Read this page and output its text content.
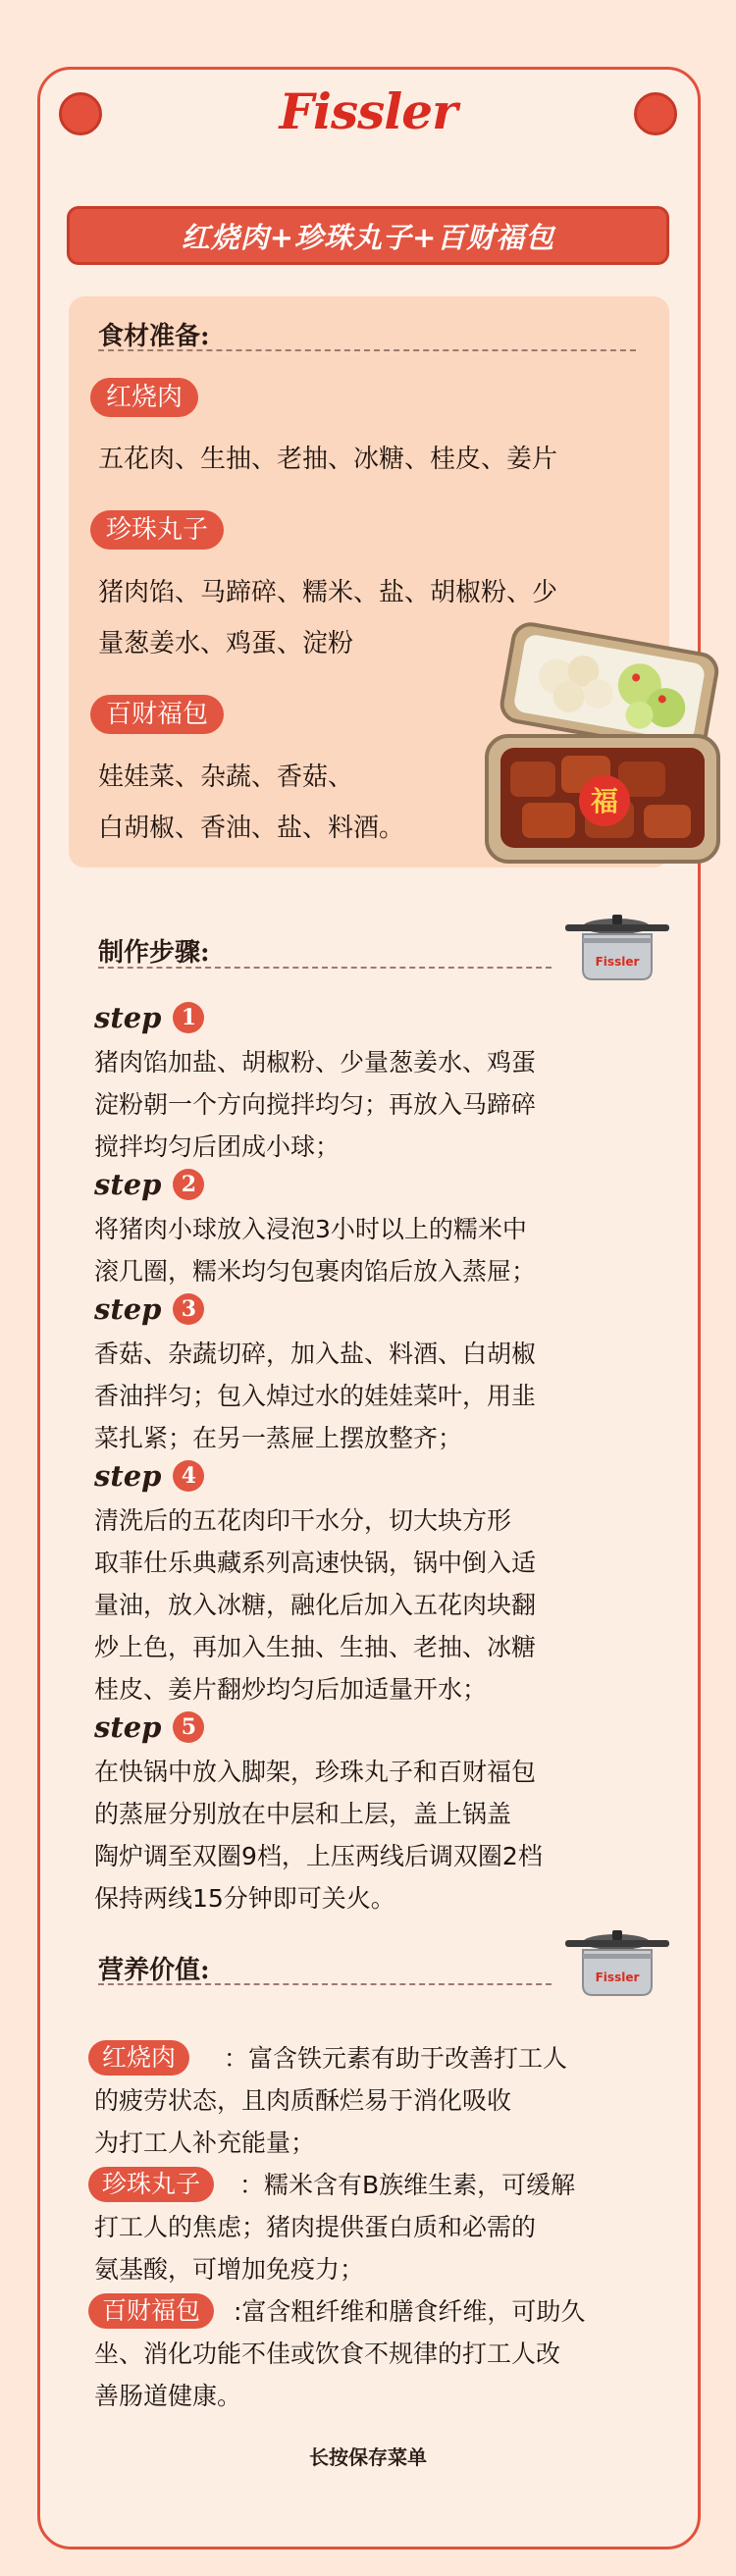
Fissler
红烧肉+珍珠丸子+百财福包
食材准备:
红烧肉
五花肉、生抽、老抽、冰糖、桂皮、姜片
珍珠丸子
猪肉馅、马蹄碎、糯米、盐、胡椒粉、少
量葱姜水、鸡蛋、淀粉
百财福包
娃娃菜、杂蔬、香菇、
白胡椒、香油、盐、料酒。
福
制作步骤:	Fissler
step 1
猪肉馅加盐、胡椒粉、少量葱姜水、鸡蛋
淀粉朝一个方向搅拌均匀；再放入马蹄碎
搅拌均匀后团成小球；
step 2
将猪肉小球放入浸泡3小时以上的糯米中
滚几圈，糯米均匀包裹肉馅后放入蒸屉；
step 3
香菇、杂蔬切碎，加入盐、料酒、白胡椒
香油拌匀；包入焯过水的娃娃菜叶，用韭
菜扎紧；在另一蒸屉上摆放整齐；
step 4
清洗后的五花肉印干水分，切大块方形
取菲仕乐典藏系列高速快锅，锅中倒入适
量油，放入冰糖，融化后加入五花肉块翻
炒上色，再加入生抽、生抽、老抽、冰糖
桂皮、姜片翻炒均匀后加适量开水；
step 5
在快锅中放入脚架，珍珠丸子和百财福包
的蒸屉分别放在中层和上层，盖上锅盖
陶炉调至双圈9档，上压两线后调双圈2档
保持两线15分钟即可关火。
营养价值:	Fissler
红烧肉	：富含铁元素有助于改善打工人
的疲劳状态，且肉质酥烂易于消化吸收
为打工人补充能量；
珍珠丸子	：糯米含有B族维生素，可缓解
打工人的焦虑；猪肉提供蛋白质和必需的
氨基酸，可增加免疫力；
百财福包	:富含粗纤维和膳食纤维，可助久
坐、消化功能不佳或饮食不规律的打工人改
善肠道健康。
长按保存菜单
